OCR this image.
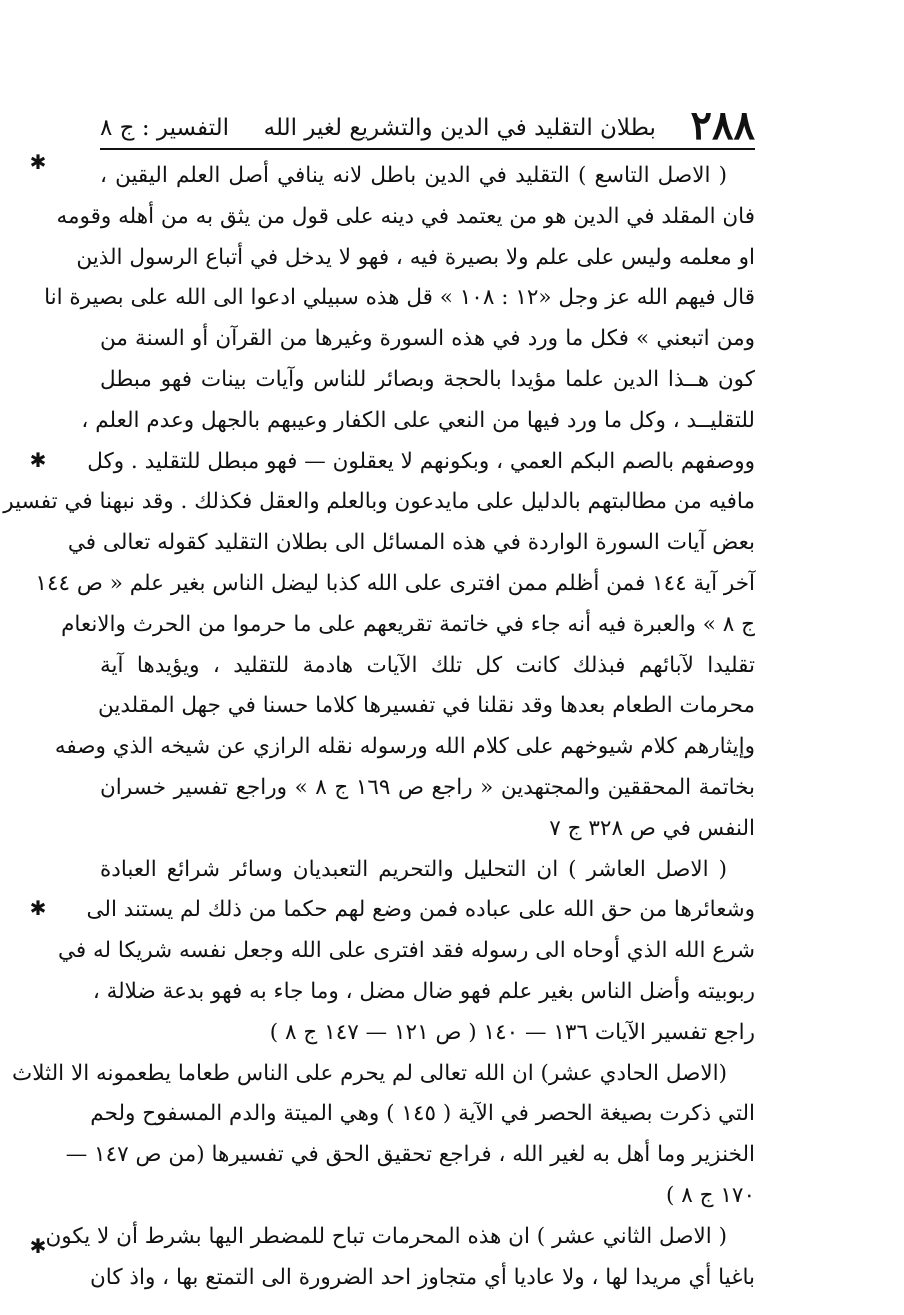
✱
✱
✱
✱
٢٨٨
بطلان التقليد في الدين والتشريع لغير الله
التفسير : ج ٨
( الاصل التاسع ) التقليد في الدين باطل لانه ينافي أصل العلم اليقين ،
فان المقلد في الدين هو من يعتمد في دينه على قول من يثق به من أهله وقومه
او معلمه وليس على علم ولا بصيرة فيه ، فهو لا يدخل في أتباع الرسول الذين
قال فيهم الله عز وجل «١٢ : ١٠٨ » قل هذه سبيلي ادعوا الى الله على بصيرة انا
ومن اتبعني » فكل ما ورد في هذه السورة وغيرها من القرآن أو السنة من
كون هــذا الدين علما مؤيدا بالحجة وبصائر للناس وآيات بينات فهو مبطل
للتقليــد ، وكل ما ورد فيها من النعي على الكفار وعيبهم بالجهل وعدم العلم ،
ووصفهم بالصم البكم العمي ، وبكونهم لا يعقلون — فهو مبطل للتقليد . وكل
مافيه من مطالبتهم بالدليل على مايدعون وبالعلم والعقل فكذلك . وقد نبهنا في تفسير
بعض آيات السورة الواردة في هذه المسائل الى بطلان التقليد كقوله تعالى في
آخر آية ١٤٤ فمن أظلم ممن افترى على الله كذبا ليضل الناس بغير علم « ص ١٤٤
ج ٨ » والعبرة فيه أنه جاء في خاتمة تقريعهم على ما حرموا من الحرث والانعام
تقليدا لآبائهم فبذلك كانت كل تلك الآيات هادمة للتقليد ، ويؤيدها آية
محرمات الطعام بعدها وقد نقلنا في تفسيرها كلاما حسنا في جهل المقلدين
وإيثارهم كلام شيوخهم على كلام الله ورسوله نقله الرازي عن شيخه الذي وصفه
بخاتمة المحققين والمجتهدين « راجع ص ١٦٩ ج ٨ » وراجع تفسير خسران
النفس في ص ٣٢٨ ج ٧
( الاصل العاشر ) ان التحليل والتحريم التعبديان وسائر شرائع العبادة
وشعائرها من حق الله على عباده فمن وضع لهم حكما من ذلك لم يستند الى
شرع الله الذي أوحاه الى رسوله فقد افترى على الله وجعل نفسه شريكا له في
ربوبيته وأضل الناس بغير علم فهو ضال مضل ، وما جاء به فهو بدعة ضلالة ،
راجع تفسير الآيات ١٣٦ — ١٤٠ ( ص ١٢١ — ١٤٧ ج ٨ )
(الاصل الحادي عشر) ان الله تعالى لم يحرم على الناس طعاما يطعمونه الا الثلاث
التي ذكرت بصيغة الحصر في الآية ( ١٤٥ ) وهي الميتة والدم المسفوح ولحم
الخنزير وما أهل به لغير الله ، فراجع تحقيق الحق في تفسيرها (من ص ١٤٧ —
١٧٠ ج ٨ )
( الاصل الثاني عشر ) ان هذه المحرمات تباح للمضطر اليها بشرط أن لا يكون
باغيا أي مريدا لها ، ولا عاديا أي متجاوز احد الضرورة الى التمتع بها ، واذ كان
